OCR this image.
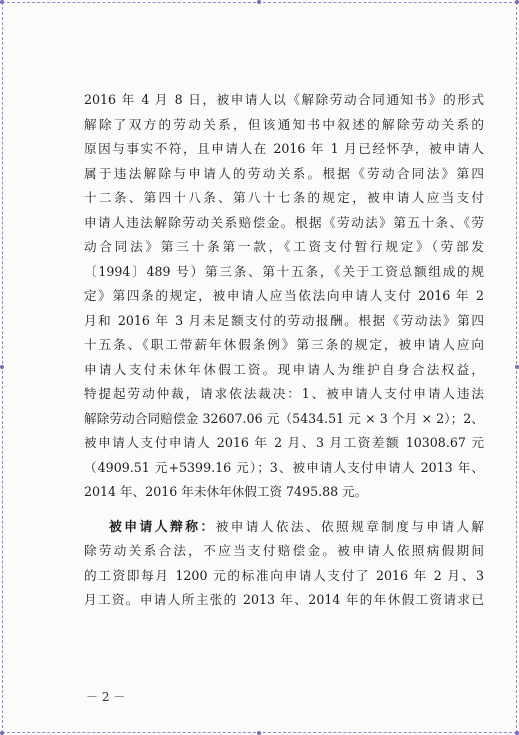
2016 年 4 月 8 日，被申请人以《解除劳动合同通知书》的形式
解除了双方的劳动关系，但该通知书中叙述的解除劳动关系的
原因与事实不符，且申请人在 2016 年 1 月已经怀孕，被申请人
属于违法解除与申请人的劳动关系。根据《劳动合同法》第四
十二条、第四十八条、第八十七条的规定，被申请人应当支付
申请人违法解除劳动关系赔偿金。根据《劳动法》第五十条、《劳
动合同法》第三十条第一款，《工资支付暂行规定》（劳部发
〔1994〕489 号）第三条、第十五条，《关于工资总额组成的规
定》第四条的规定，被申请人应当依法向申请人支付 2016 年 2
月和 2016 年 3 月未足额支付的劳动报酬。根据《劳动法》第四
十五条、《职工带薪年休假条例》第三条的规定，被申请人应向
申请人支付未休年休假工资。现申请人为维护自身合法权益，
特提起劳动仲裁，请求依法裁决：1、被申请人支付申请人违法
解除劳动合同赔偿金 32607.06 元（5434.51 元 × 3 个月 × 2）；2、
被申请人支付申请人 2016 年 2 月、3 月工资差额 10308.67 元
（4909.51 元+5399.16 元）；3、被申请人支付申请人 2013 年、
2014 年、2016 年未休年休假工资 7495.88 元。
被申请人辩称：被申请人依法、依照规章制度与申请人解
除劳动关系合法，不应当支付赔偿金。被申请人依照病假期间
的工资即每月 1200 元的标准向申请人支付了 2016 年 2 月、3
月工资。申请人所主张的 2013 年、2014 年的年休假工资请求已
－ 2 －
